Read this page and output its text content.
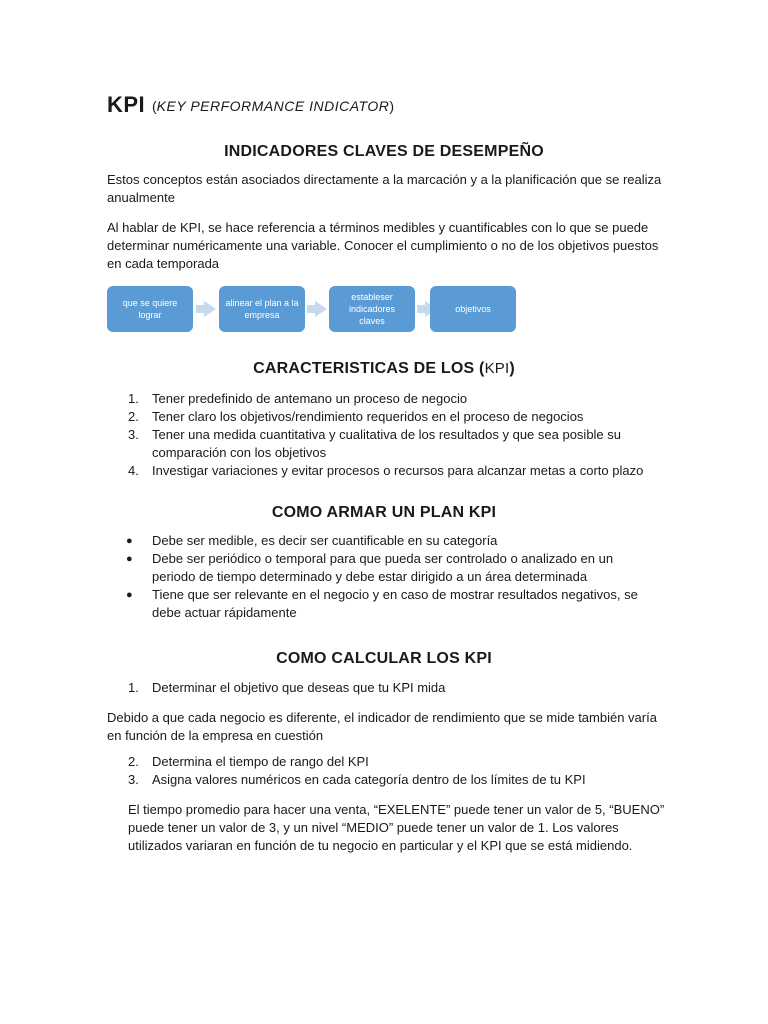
KPI (KEY PERFORMANCE INDICATOR)
INDICADORES CLAVES DE DESEMPEÑO

Estos conceptos están asociados directamente a la marcación y a la planificación que se realiza anualmente

Al hablar de KPI, se hace referencia a términos medibles y cuantificables con lo que se puede determinar numéricamente una variable. Conocer el cumplimiento o no de los objetivos puestos en cada temporada

que se quiere lograr
alinear el plan a la empresa
estableser indicadores claves
objetivos
CARACTERISTICAS DE LOS (KPI)
1. Tener predefinido de antemano un proceso de negocio
2. Tener claro los objetivos/rendimiento requeridos en el proceso de negocios
3. Tener una medida cuantitativa y cualitativa de los resultados y que sea posible su comparación con los objetivos
4. Investigar variaciones y evitar procesos o recursos para alcanzar metas a corto plazo
COMO ARMAR UN PLAN KPI
● Debe ser medible, es decir ser cuantificable en su categoría
● Debe ser periódico o temporal para que pueda ser controlado o analizado en un periodo de tiempo determinado y debe estar dirigido a un área determinada
● Tiene que ser relevante en el negocio y en caso de mostrar resultados negativos, se debe actuar rápidamente
COMO CALCULAR LOS KPI
1. Determinar el objetivo que deseas que tu KPI mida

Debido a que cada negocio es diferente, el indicador de rendimiento que se mide también varía en función de la empresa en cuestión

2. Determina el tiempo de rango del KPI
3. Asigna valores numéricos en cada categoría dentro de los límites de tu KPI

El tiempo promedio para hacer una venta, “EXELENTE” puede tener un valor de 5, “BUENO” puede tener un valor de 3, y un nivel “MEDIO” puede tener un valor de 1. Los valores utilizados variaran en función de tu negocio en particular y el KPI que se está midiendo.
